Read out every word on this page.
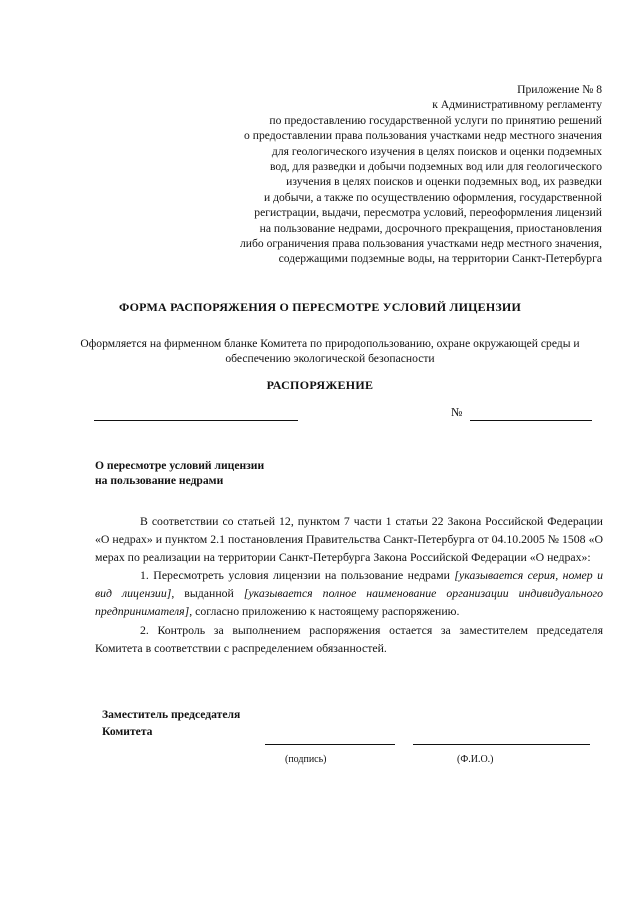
Приложение № 8
к Административному регламенту
по предоставлению государственной услуги по принятию решений
о предоставлении права пользования участками недр местного значения
для геологического изучения в целях поисков и оценки подземных
вод, для разведки и добычи подземных вод или для геологического
изучения в целях поисков и оценки подземных вод, их разведки
и добычи, а также по осуществлению оформления, государственной
регистрации, выдачи, пересмотра условий, переоформления лицензий
на пользование недрами, досрочного прекращения, приостановления
либо ограничения права пользования участками недр местного значения,
содержащими подземные воды, на территории Санкт-Петербурга
ФОРМА РАСПОРЯЖЕНИЯ О ПЕРЕСМОТРЕ УСЛОВИЙ ЛИЦЕНЗИИ
Оформляется на фирменном бланке Комитета по природопользованию, охране окружающей среды и обеспечению экологической безопасности
РАСПОРЯЖЕНИЕ
№
О пересмотре условий лицензии
на пользование недрами

В соответствии со статьей 12, пунктом 7 части 1 статьи 22 Закона Российской Федерации «О недрах» и пунктом 2.1 постановления Правительства Санкт-Петербурга от 04.10.2005 № 1508 «О мерах по реализации на территории Санкт-Петербурга Закона Российской Федерации «О недрах»:

1. Пересмотреть условия лицензии на пользование недрами [указывается серия, номер и вид лицензии], выданной [указывается полное наименование организации индивидуального предпринимателя], согласно приложению к настоящему распоряжению.

2. Контроль за выполнением распоряжения остается за заместителем председателя Комитета в соответствии с распределением обязанностей.

Заместитель председателя
Комитета
(подпись)	(Ф.И.О.)
